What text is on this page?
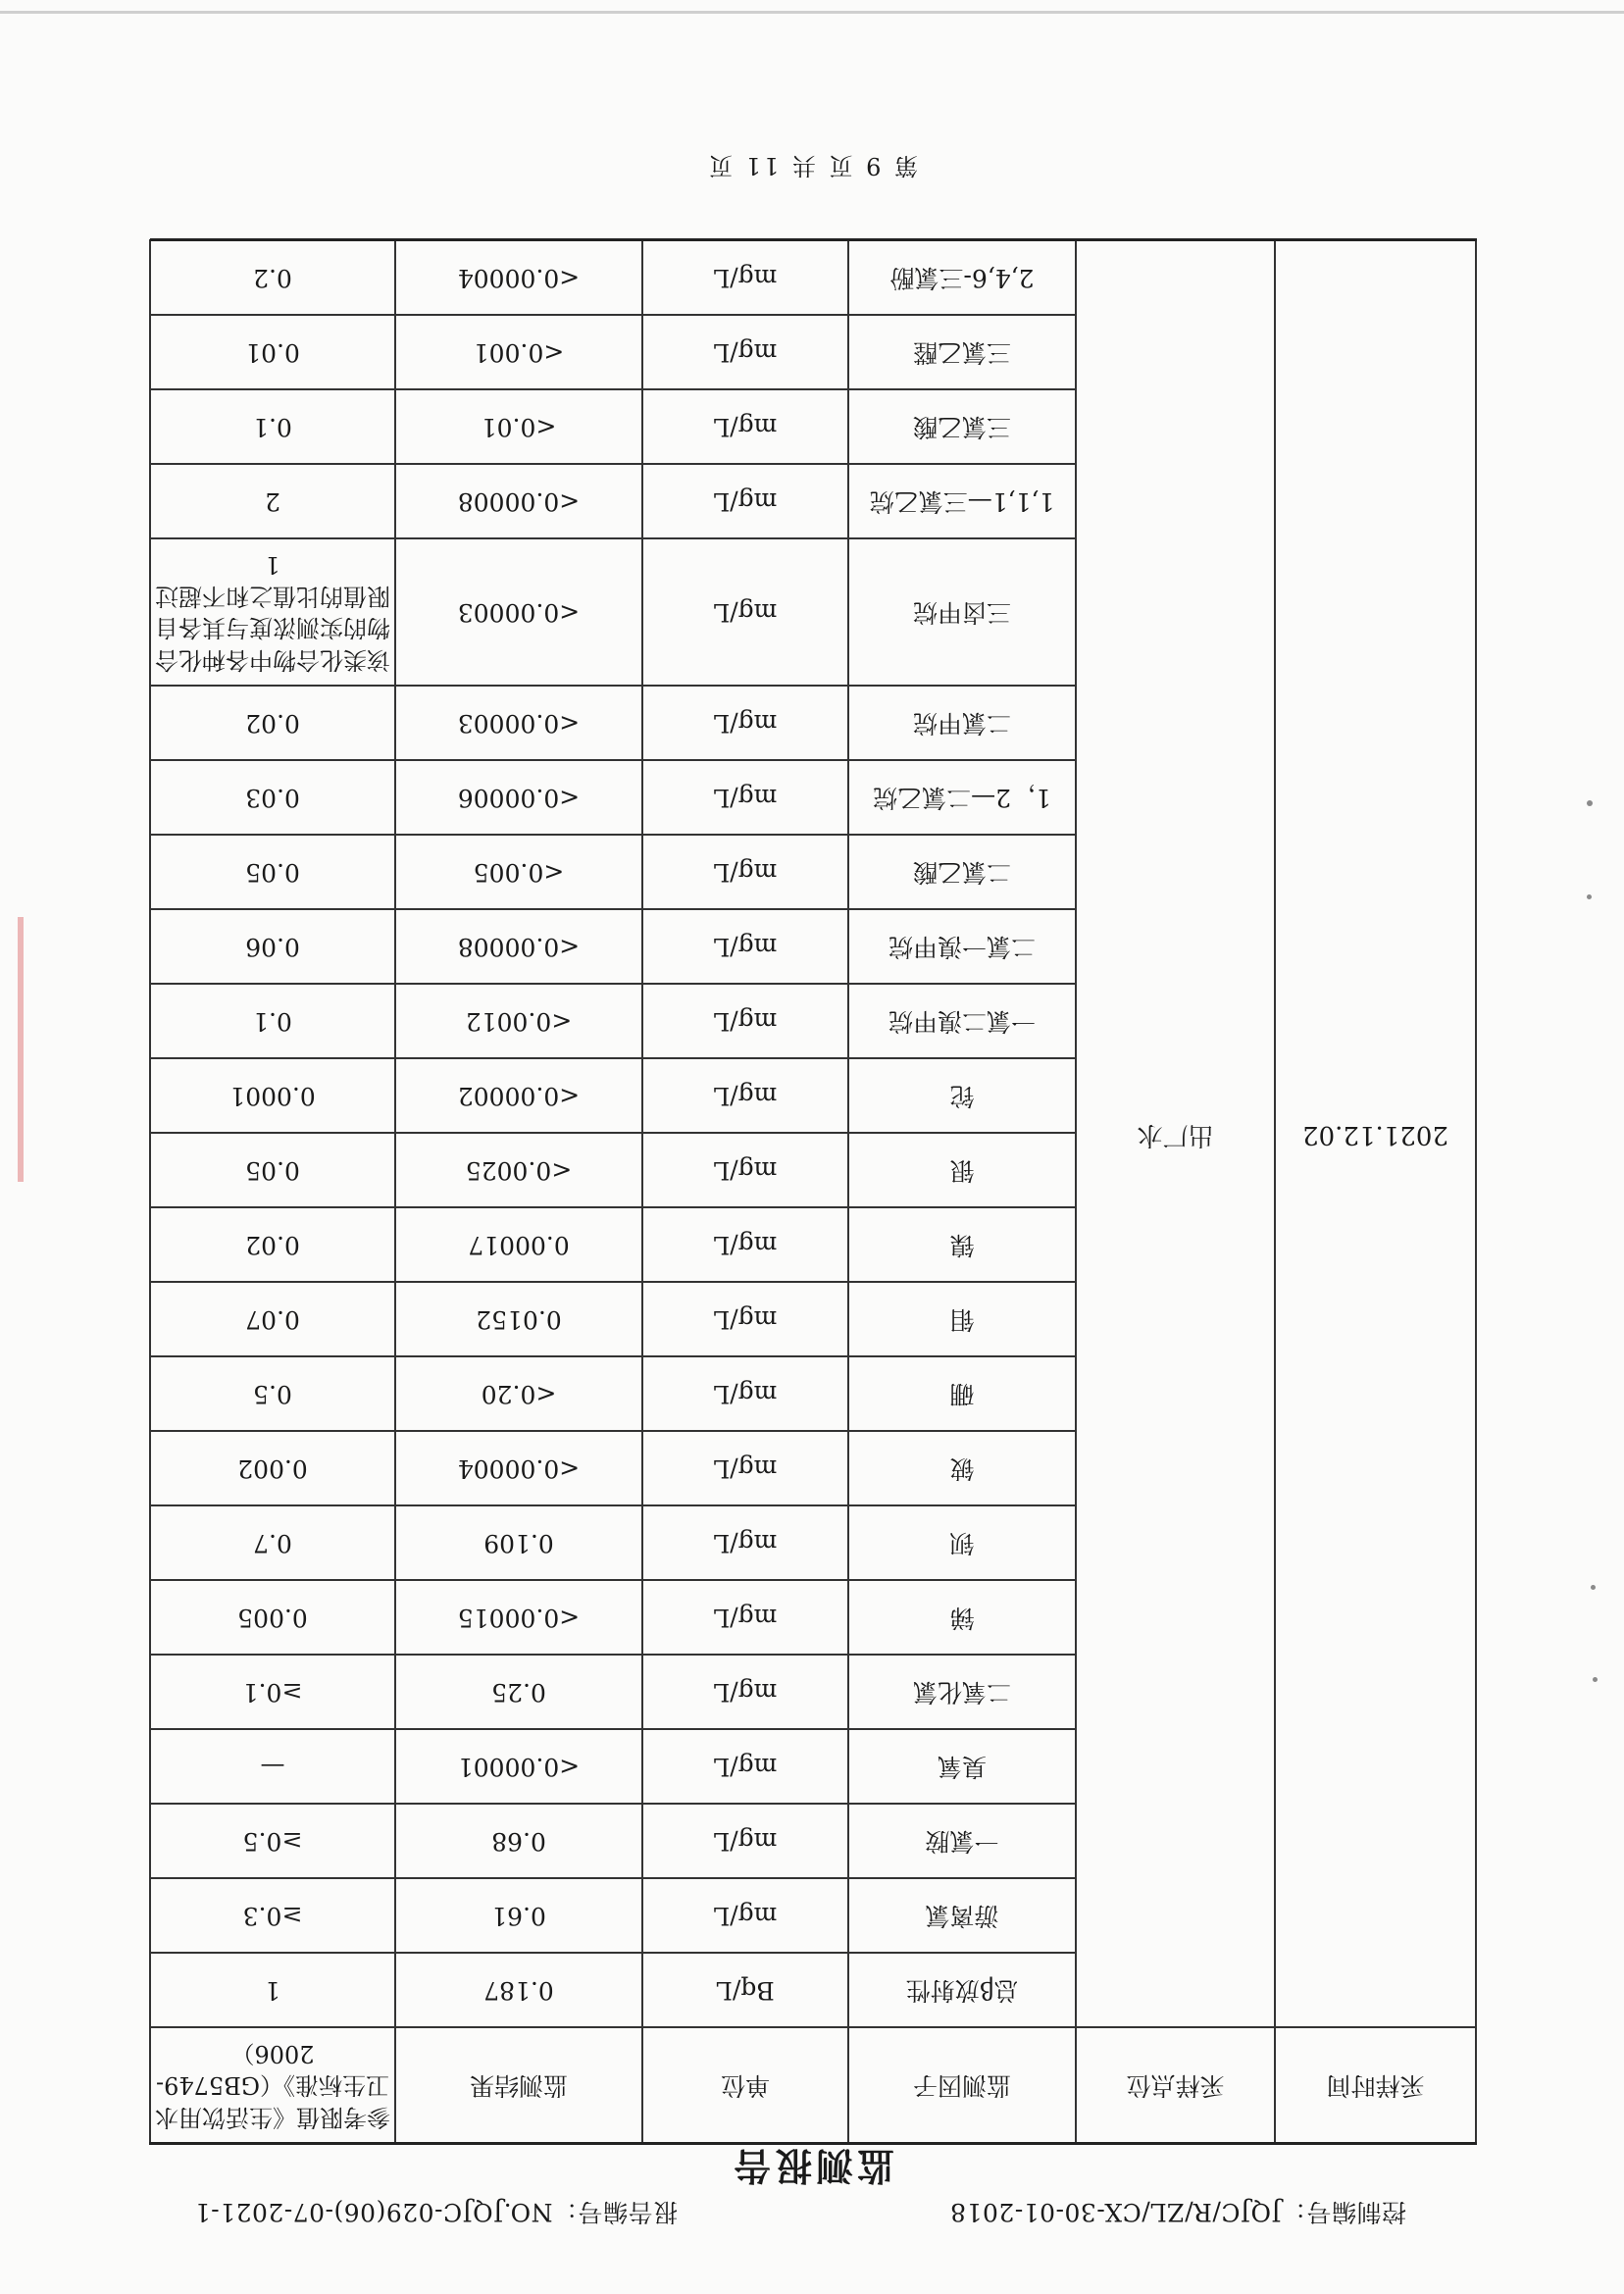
控制编号：JQJC/R/ZL/CX-30-01-2018
报告编号：NO.JQJC-029(06)-07-2021-1
监测报告
采样时间	采样点位	监测因子	单位	监测结果	参考限值《生活饮用水卫生标准》（GB5749-2006）
2021.12.02	出厂水	总β放射性	Bq/L	0.187	1
		游离氯	mg/L	0.61	≥0.3
		一氯胺	mg/L	0.68	≥0.5
		臭氧	mg/L	<0.00001	—
		二氧化氯	mg/L	0.25	≥0.1
		锑	mg/L	<0.00015	0.005
		钡	mg/L	0.109	0.7
		铍	mg/L	<0.00004	0.002
		硼	mg/L	<0.20	0.5
		钼	mg/L	0.0152	0.07
		镍	mg/L	0.00017	0.02
		银	mg/L	<0.0025	0.05
		铊	mg/L	<0.00002	0.0001
		一氯二溴甲烷	mg/L	<0.0012	0.1
		二氯一溴甲烷	mg/L	<0.00008	0.06
		二氯乙酸	mg/L	<0.005	0.05
		1，2—二氯乙烷	mg/L	<0.00006	0.03
		二氯甲烷	mg/L	<0.00003	0.02
		三卤甲烷	mg/L	<0.00003	该类化合物中各种化合物的实测浓度与其各自限值的比值之和不超过1
		1,1,1—三氯乙烷	mg/L	<0.00008	2
		三氯乙酸	mg/L	<0.01	0.1
		三氯乙醛	mg/L	<0.001	0.01
		2,4,6-三氯酚	mg/L	<0.00004	0.2

第 9 页 共 11 页
